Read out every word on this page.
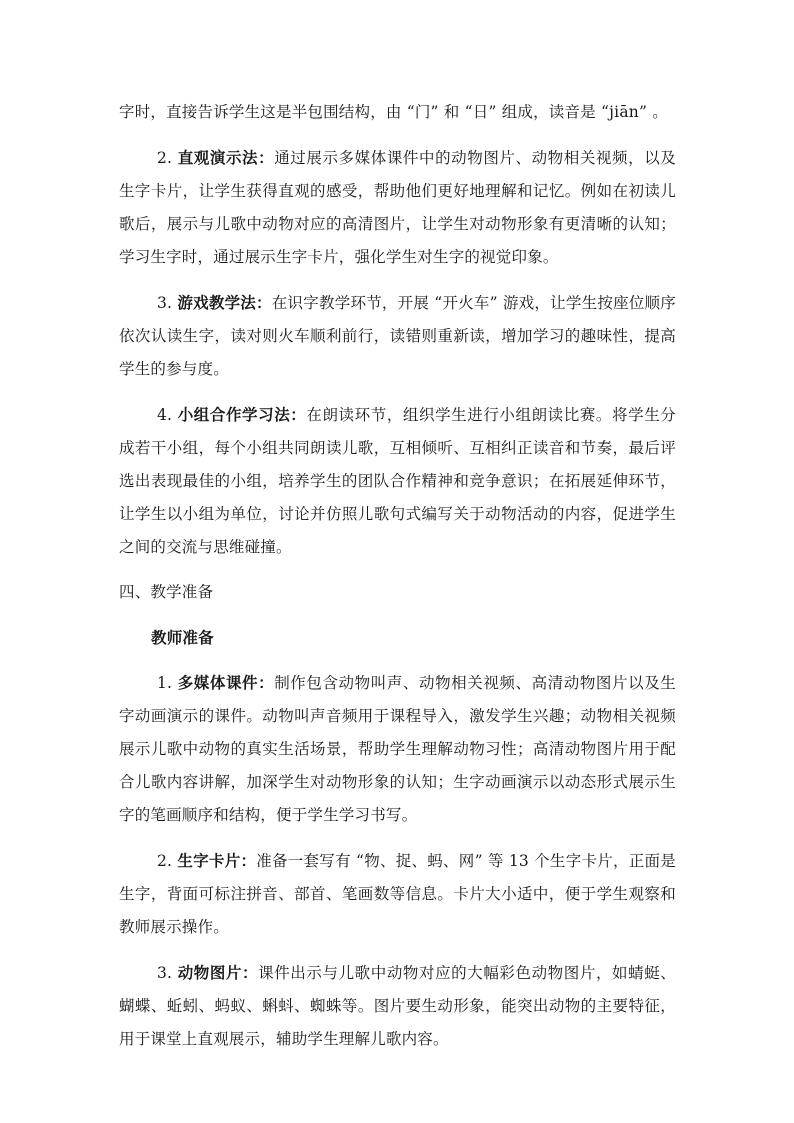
字时，直接告诉学生这是半包围结构，由 “门” 和 “日” 组成，读音是 “jiān” 。

2. 直观演示法：通过展示多媒体课件中的动物图片、动物相关视频，以及生字卡片，让学生获得直观的感受，帮助他们更好地理解和记忆。例如在初读儿歌后，展示与儿歌中动物对应的高清图片，让学生对动物形象有更清晰的认知；学习生字时，通过展示生字卡片，强化学生对生字的视觉印象。

3. 游戏教学法：在识字教学环节，开展 “开火车” 游戏，让学生按座位顺序依次认读生字，读对则火车顺利前行，读错则重新读，增加学习的趣味性，提高学生的参与度。

4. 小组合作学习法：在朗读环节，组织学生进行小组朗读比赛。将学生分成若干小组，每个小组共同朗读儿歌，互相倾听、互相纠正读音和节奏，最后评选出表现最佳的小组，培养学生的团队合作精神和竞争意识；在拓展延伸环节，让学生以小组为单位，讨论并仿照儿歌句式编写关于动物活动的内容，促进学生之间的交流与思维碰撞。

四、教学准备

教师准备

1. 多媒体课件：制作包含动物叫声、动物相关视频、高清动物图片以及生字动画演示的课件。动物叫声音频用于课程导入，激发学生兴趣；动物相关视频展示儿歌中动物的真实生活场景，帮助学生理解动物习性；高清动物图片用于配合儿歌内容讲解，加深学生对动物形象的认知；生字动画演示以动态形式展示生字的笔画顺序和结构，便于学生学习书写。

2. 生字卡片：准备一套写有 “物、捉、蚂、网” 等 13 个生字卡片，正面是生字，背面可标注拼音、部首、笔画数等信息。卡片大小适中，便于学生观察和教师展示操作。

3. 动物图片：课件出示与儿歌中动物对应的大幅彩色动物图片，如蜻蜓、蝴蝶、蚯蚓、蚂蚁、蝌蚪、蜘蛛等。图片要生动形象，能突出动物的主要特征，用于课堂上直观展示，辅助学生理解儿歌内容。
